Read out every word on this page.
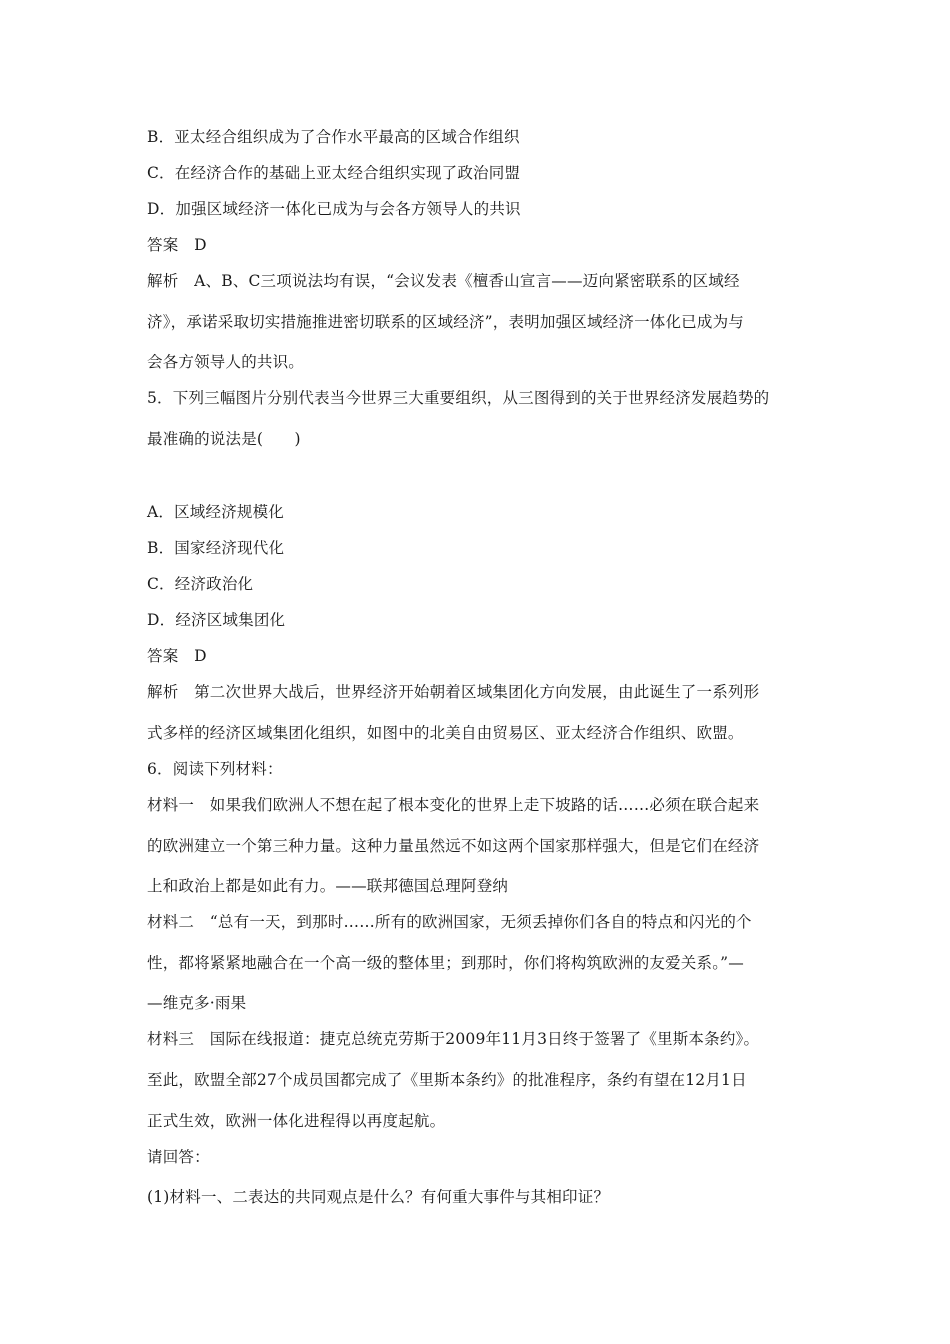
B．亚太经合组织成为了合作水平最高的区域合作组织
C．在经济合作的基础上亚太经合组织实现了政治同盟
D．加强区域经济一体化已成为与会各方领导人的共识
答案　D
解析　A、B、C三项说法均有误，“会议发表《檀香山宣言——迈向紧密联系的区域经
济》，承诺采取切实措施推进密切联系的区域经济”，表明加强区域经济一体化已成为与
会各方领导人的共识。
5．下列三幅图片分别代表当今世界三大重要组织，从三图得到的关于世界经济发展趋势的
最准确的说法是(　　)
A．区域经济规模化
B．国家经济现代化
C．经济政治化
D．经济区域集团化
答案　D
解析　第二次世界大战后，世界经济开始朝着区域集团化方向发展，由此诞生了一系列形
式多样的经济区域集团化组织，如图中的北美自由贸易区、亚太经济合作组织、欧盟。
6．阅读下列材料：
材料一　如果我们欧洲人不想在起了根本变化的世界上走下坡路的话……必须在联合起来
的欧洲建立一个第三种力量。这种力量虽然远不如这两个国家那样强大，但是它们在经济
上和政治上都是如此有力。——联邦德国总理阿登纳
材料二　“总有一天，到那时……所有的欧洲国家，无须丢掉你们各自的特点和闪光的个
性，都将紧紧地融合在一个高一级的整体里；到那时，你们将构筑欧洲的友爱关系。”—
—维克多·雨果
材料三　国际在线报道：捷克总统克劳斯于2009年11月3日终于签署了《里斯本条约》。
至此，欧盟全部27个成员国都完成了《里斯本条约》的批准程序，条约有望在12月1日
正式生效，欧洲一体化进程得以再度起航。
请回答：
(1)材料一、二表达的共同观点是什么？有何重大事件与其相印证？
